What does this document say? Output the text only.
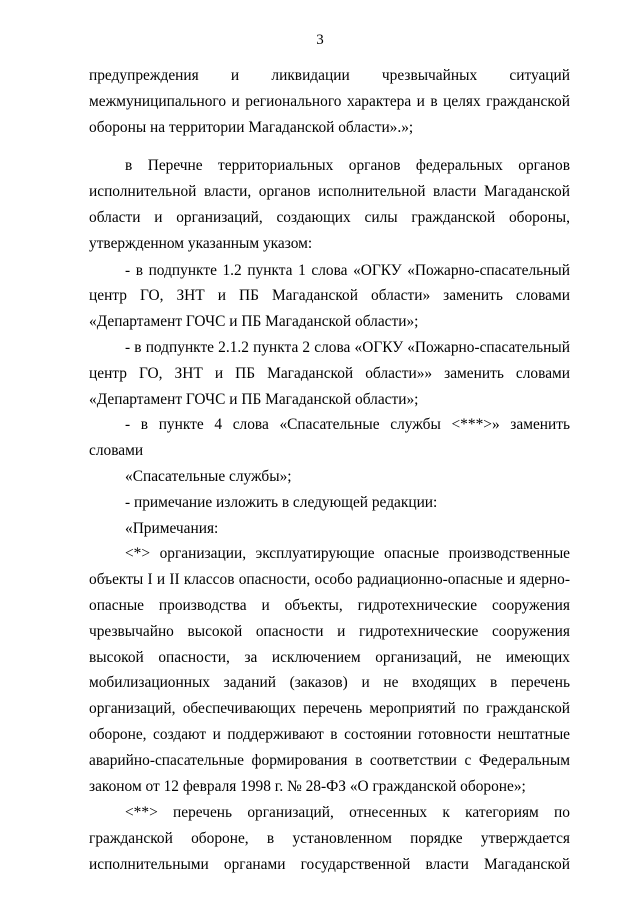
3

предупреждения и ликвидации чрезвычайных ситуаций

межмуниципального и регионального характера и в целях гражданской

обороны на территории Магаданской области».»;

в Перечне территориальных органов федеральных органов

исполнительной власти, органов исполнительной власти Магаданской

области и организаций, создающих силы гражданской обороны,

утвержденном указанным указом:

- в подпункте 1.2 пункта 1 слова «ОГКУ «Пожарно-спасательный

центр ГО, ЗНТ и ПБ Магаданской области» заменить словами

«Департамент ГОЧС и ПБ Магаданской области»;

- в подпункте 2.1.2 пункта 2 слова «ОГКУ «Пожарно-спасательный

центр ГО, ЗНТ и ПБ Магаданской области»» заменить словами

«Департамент ГОЧС и ПБ Магаданской области»;

- в пункте 4 слова «Спасательные службы <***>» заменить словами

«Спасательные службы»;

- примечание изложить в следующей редакции:

«Примечания:

<*> организации, эксплуатирующие опасные производственные

объекты I и II классов опасности, особо радиационно-опасные и ядерно-

опасные производства и объекты, гидротехнические сооружения

чрезвычайно высокой опасности и гидротехнические сооружения

высокой опасности, за исключением организаций, не имеющих

мобилизационных заданий (заказов) и не входящих в перечень

организаций, обеспечивающих перечень мероприятий по гражданской

обороне, создают и поддерживают в состоянии готовности нештатные

аварийно-спасательные формирования в соответствии с Федеральным

законом от 12 февраля 1998 г. № 28-ФЗ «О гражданской обороне»;

<**> перечень организаций, отнесенных к категориям по

гражданской обороне, в установленном порядке утверждается

исполнительными органами государственной власти Магаданской
